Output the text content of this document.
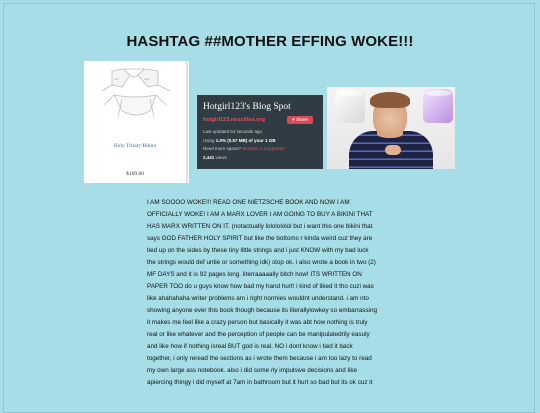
HASHTAG ##MOTHER EFFING WOKE!!!
GOD	HOLY
Holy Trinity Bikini
$100.00
Hotgirl123's Blog Spot
hotgirl123.neocities.org	♥ Share
Last updated 54 seconds ago
Using 1.0% (0.57 MB) of your 1 GB
Need more space? Become a Supporter!
2,441 views
I AM SOOOO WOKE!!! READ ONE NIETZSCHE BOOK AND NOW I AM
OFFICIALLY WOKE! I AM A MARX LOVER I AM GOING TO BUY A BIKINI THAT
HAS MARX WRITTEN ON IT. (notactually lololololol but i want this one bikini that
says GOD FATHER HOLY SPIRIT but like the bottoms r kinda weird cuz they are
tied up on the sides by these tiny little strings and i just KNOW with my bad luck
the strings would def untie or something idk) stop ok. i also wrote a book in two (2)
MF DAYS and it is 92 pages long. literraaaaally bitch how! ITS WRITTEN ON
PAPER TOO do u guys know how bad my hand hurt! i kind of liked it tho cuzi was
like ahahahaha writer problems am i right normies wouldnt understand. i am nto
showing anyone ever this book though because its literallylowkey so embarrassing
it makes me feel like a crazy person but basically it was abt how nothing is truly
real or like whatever and the perception of people can be manipulatedrily easuly
and like how if nothing isreal BUT god is real. NO i dont know i tied it back
together, i only reread the sections as i wrote them because i am too lazy to read
my own large ass notebook. also i did some rly impulsive decisions and like
apiercing thingy i did myself at 7am in bathroom but it hurt so bad but its ok cuz it
